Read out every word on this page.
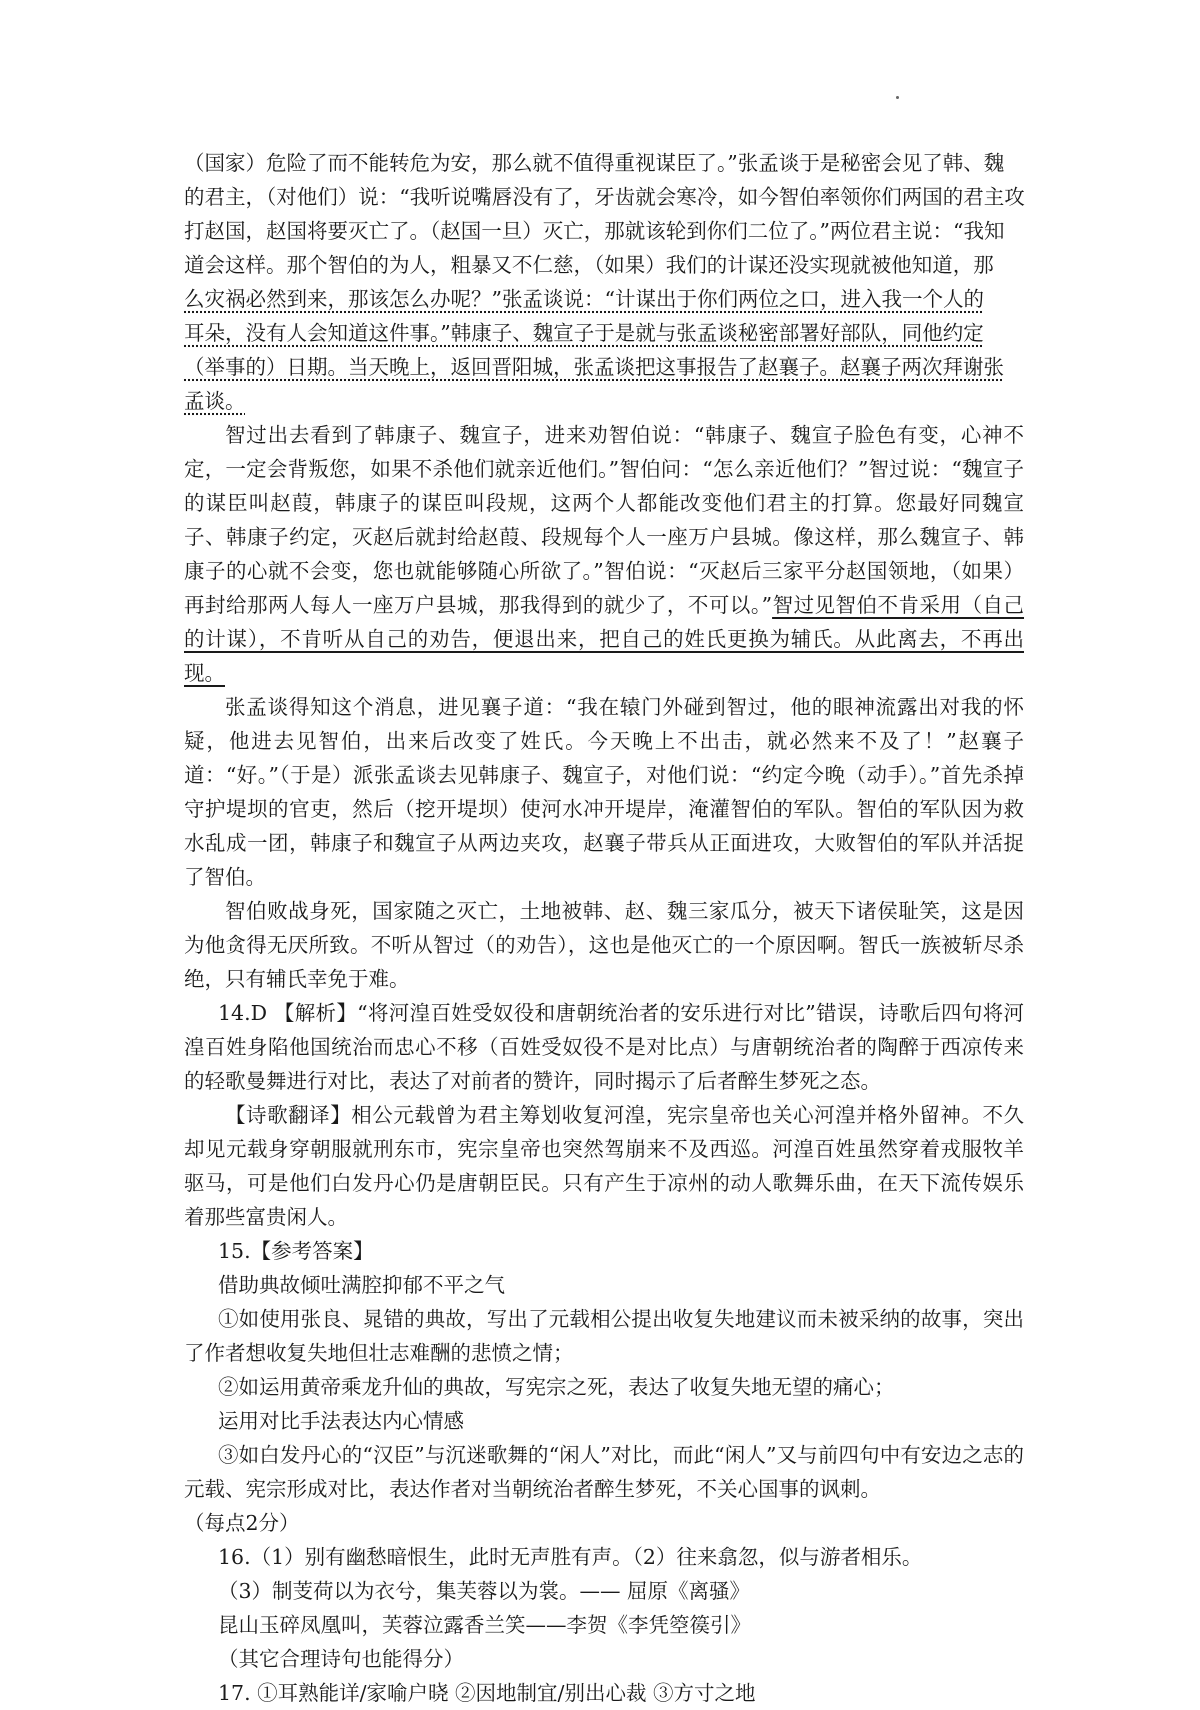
（国家）危险了而不能转危为安，那么就不值得重视谋臣了。”张孟谈于是秘密会见了韩、魏
的君主，（对他们）说：“我听说嘴唇没有了，牙齿就会寒冷，如今智伯率领你们两国的君主攻
打赵国，赵国将要灭亡了。（赵国一旦）灭亡，那就该轮到你们二位了。”两位君主说：“我知
道会这样。那个智伯的为人，粗暴又不仁慈，（如果）我们的计谋还没实现就被他知道，那
么灾祸必然到来，那该怎么办呢？”张孟谈说：“计谋出于你们两位之口，进入我一个人的
耳朵，没有人会知道这件事。”韩康子、魏宣子于是就与张孟谈秘密部署好部队，同他约定
（举事的）日期。当天晚上，返回晋阳城，张孟谈把这事报告了赵襄子。赵襄子两次拜谢张
孟谈。

智过出去看到了韩康子、魏宣子，进来劝智伯说：“韩康子、魏宣子脸色有变，心神不定，一定会背叛您，如果不杀他们就亲近他们。”智伯问：“怎么亲近他们？”智过说：“魏宣子的谋臣叫赵葭，韩康子的谋臣叫段规，这两个人都能改变他们君主的打算。您最好同魏宣子、韩康子约定，灭赵后就封给赵葭、段规每个人一座万户县城。像这样，那么魏宣子、韩康子的心就不会变，您也就能够随心所欲了。”智伯说：“灭赵后三家平分赵国领地，（如果）再封给那两人每人一座万户县城，那我得到的就少了，不可以。”智过见智伯不肯采用（自己的计谋），不肯听从自己的劝告，便退出来，把自己的姓氏更换为辅氏。从此离去，不再出现。

张孟谈得知这个消息，进见襄子道：“我在辕门外碰到智过，他的眼神流露出对我的怀疑，他进去见智伯，出来后改变了姓氏。今天晚上不出击，就必然来不及了！”赵襄子道：“好。”（于是）派张孟谈去见韩康子、魏宣子，对他们说：“约定今晚（动手）。”首先杀掉守护堤坝的官吏，然后（挖开堤坝）使河水冲开堤岸，淹灌智伯的军队。智伯的军队因为救水乱成一团，韩康子和魏宣子从两边夹攻，赵襄子带兵从正面进攻，大败智伯的军队并活捉了智伯。

智伯败战身死，国家随之灭亡，土地被韩、赵、魏三家瓜分，被天下诸侯耻笑，这是因为他贪得无厌所致。不听从智过（的劝告），这也是他灭亡的一个原因啊。智氏一族被斩尽杀绝，只有辅氏幸免于难。

14.D 【解析】“将河湟百姓受奴役和唐朝统治者的安乐进行对比”错误，诗歌后四句将河湟百姓身陷他国统治而忠心不移（百姓受奴役不是对比点）与唐朝统治者的陶醉于西凉传来的轻歌曼舞进行对比，表达了对前者的赞许，同时揭示了后者醉生梦死之态。

【诗歌翻译】相公元载曾为君主筹划收复河湟，宪宗皇帝也关心河湟并格外留神。不久却见元载身穿朝服就刑东市，宪宗皇帝也突然驾崩来不及西巡。河湟百姓虽然穿着戎服牧羊驱马，可是他们白发丹心仍是唐朝臣民。只有产生于凉州的动人歌舞乐曲，在天下流传娱乐着那些富贵闲人。

15.【参考答案】

借助典故倾吐满腔抑郁不平之气

①如使用张良、晁错的典故，写出了元载相公提出收复失地建议而未被采纳的故事，突出了作者想收复失地但壮志难酬的悲愤之情；

②如运用黄帝乘龙升仙的典故，写宪宗之死，表达了收复失地无望的痛心；

运用对比手法表达内心情感

③如白发丹心的“汉臣”与沉迷歌舞的“闲人”对比，而此“闲人”又与前四句中有安边之志的元载、宪宗形成对比，表达作者对当朝统治者醉生梦死，不关心国事的讽刺。

（每点2分）

16.（1）别有幽愁暗恨生，此时无声胜有声。（2）往来翕忽，似与游者相乐。

（3）制芰荷以为衣兮，集芙蓉以为裳。—— 屈原《离骚》

昆山玉碎凤凰叫，芙蓉泣露香兰笑——李贺《李凭箜篌引》

（其它合理诗句也能得分）

17. ①耳熟能详/家喻户晓 ②因地制宜/别出心裁 ③方寸之地
